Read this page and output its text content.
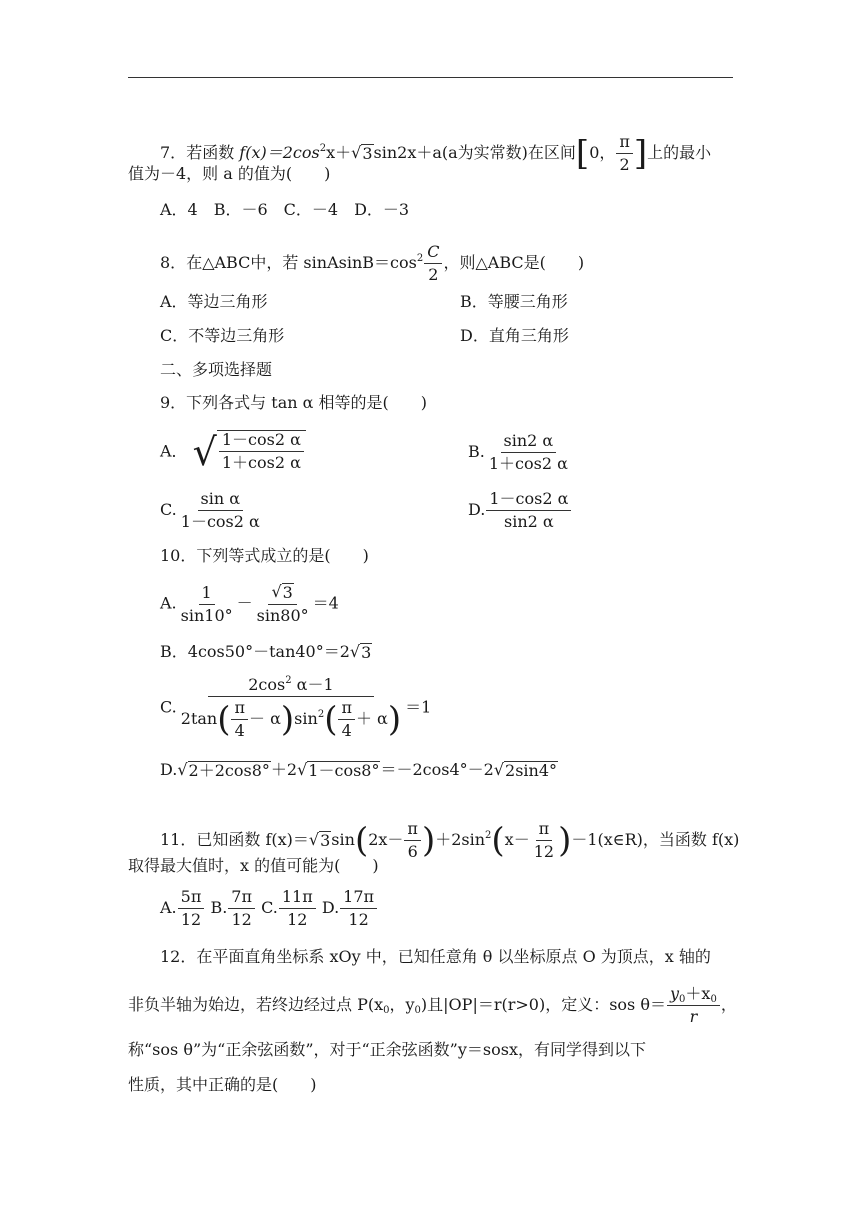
7．若函数 $f(x)=2\cos^2x+$ √ 3 sin2x＋a(a为实常数)在区间[0， $\frac{\pi}{2}$ ]上的最小
值为－4，则 a 的值为(　　)
A．4　B．－6　C．－4　D．－3
8．在△ABC中，若 $sinAsinB=\cos^2 \frac{C}{2}$ ，则△ABC是(　　)
A．等边三角形	B．等腰三角形
C．不等边三角形	D．直角三角形
二、多项选择题
9．下列各式与 tan α 相等的是(　　)
A． √ $\frac{1-\cos 2 \alpha}{1+\cos 2 \alpha}$	B. $\frac{\sin 2 \alpha}{1+\cos 2 \alpha}$
C. $\frac{\text{sin α}}{1-\cos 2 \alpha}$	D. $\frac{1-\cos 2 \alpha}{\sin 2 \alpha}$
10．下列等式成立的是(　　)
A. $\frac{1}{\sin 10^\circ} - \frac{√ 3}{\sin 80^\circ} =4$
B．4cos50°－tan40°＝2 √ 3
C. $\frac{2\cos^2 \alpha-1}{2\tan( \frac{\pi}{4} - \alpha)\sin^2( \frac{\pi}{4} + \alpha)} =1$
D. √ 2＋2cos8° ＋2 √ 1－cos8° ＝－2cos4°－2 √ 2sin4°
11．已知函数 f(x)＝ √ 3 $\sin(2x- \frac{\pi}{6} )+2\sin^2(x- \frac{\pi}{12}$ )－1(x∈R)，当函数 f(x)
取得最大值时，x 的值可能为(　　)
A. $\frac{5\pi}{12} B$. $\frac{7\pi}{12} C$. $\frac{11\pi}{12} D$. $\frac{17\pi}{12}$
12．在平面直角坐标系 xOy 中，已知任意角 θ 以坐标原点 O 为顶点，x 轴的
非负半轴为始边，若终边经过点 $P(x_0$，$y_0$)且|OP|＝r(r>0)，定义：sos $\theta= \frac{y_0+x_0}{r}$ ，
称“sos θ”为“正余弦函数”，对于“正余弦函数”y＝sosx，有同学得到以下
性质，其中正确的是(　　)
